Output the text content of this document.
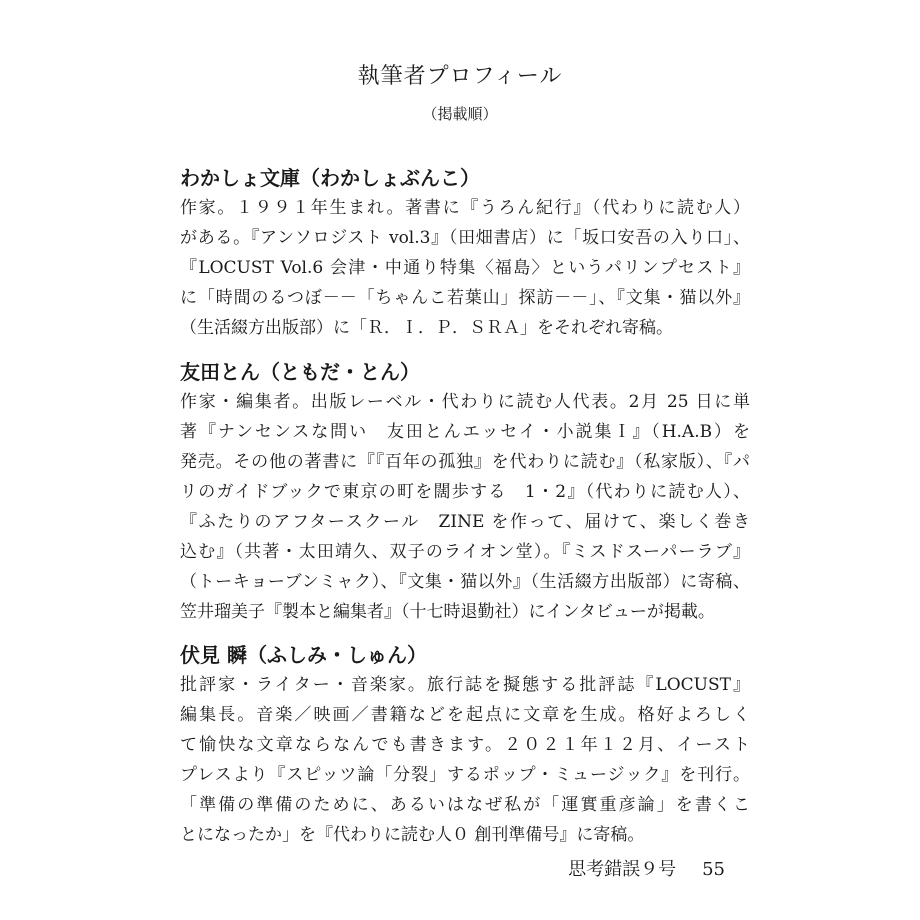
執筆者プロフィール
（掲載順）
わかしょ文庫（わかしょぶんこ）
作家。１９９１年生まれ。著書に『うろん紀行』（代わりに読む人）
がある。『アンソロジスト vol.3』（田畑書店）に「坂口安吾の入り口」、
『LOCUST Vol.6 会津・中通り特集〈福島〉というパリンプセスト』
に「時間のるつぼ－－「ちゃんこ若葉山」探訪－－」、『文集・猫以外』
（生活綴方出版部）に「Ｒ．Ｉ．Ｐ．ＳＲＡ」をそれぞれ寄稿。
友田とん（ともだ・とん）
作家・編集者。出版レーベル・代わりに読む人代表。2月 25 日に単
著『ナンセンスな問い　友田とんエッセイ・小説集Ｉ』（H.A.B）を
発売。その他の著書に『『百年の孤独』を代わりに読む』（私家版）、『パ
リのガイドブックで東京の町を闊歩する　1・2』（代わりに読む人）、
『ふたりのアフタースクール　ZINE を作って、届けて、楽しく巻き
込む』（共著・太田靖久、双子のライオン堂）。『ミスドスーパーラブ』
（トーキョーブンミャク）、『文集・猫以外』（生活綴方出版部）に寄稿、
笠井瑠美子『製本と編集者』（十七時退勤社）にインタビューが掲載。
伏見 瞬（ふしみ・しゅん）
批評家・ライター・音楽家。旅行誌を擬態する批評誌『LOCUST』
編集長。音楽／映画／書籍などを起点に文章を生成。格好よろしく
て愉快な文章ならなんでも書きます。２０２１年１２月、イースト
プレスより『スピッツ論「分裂」するポップ・ミュージック』を刊行。
「準備の準備のために、あるいはなぜ私が「運實重彦論」を書くこ
とになったか」を『代わりに読む人０ 創刊準備号』に寄稿。
思考錯誤９号 55
